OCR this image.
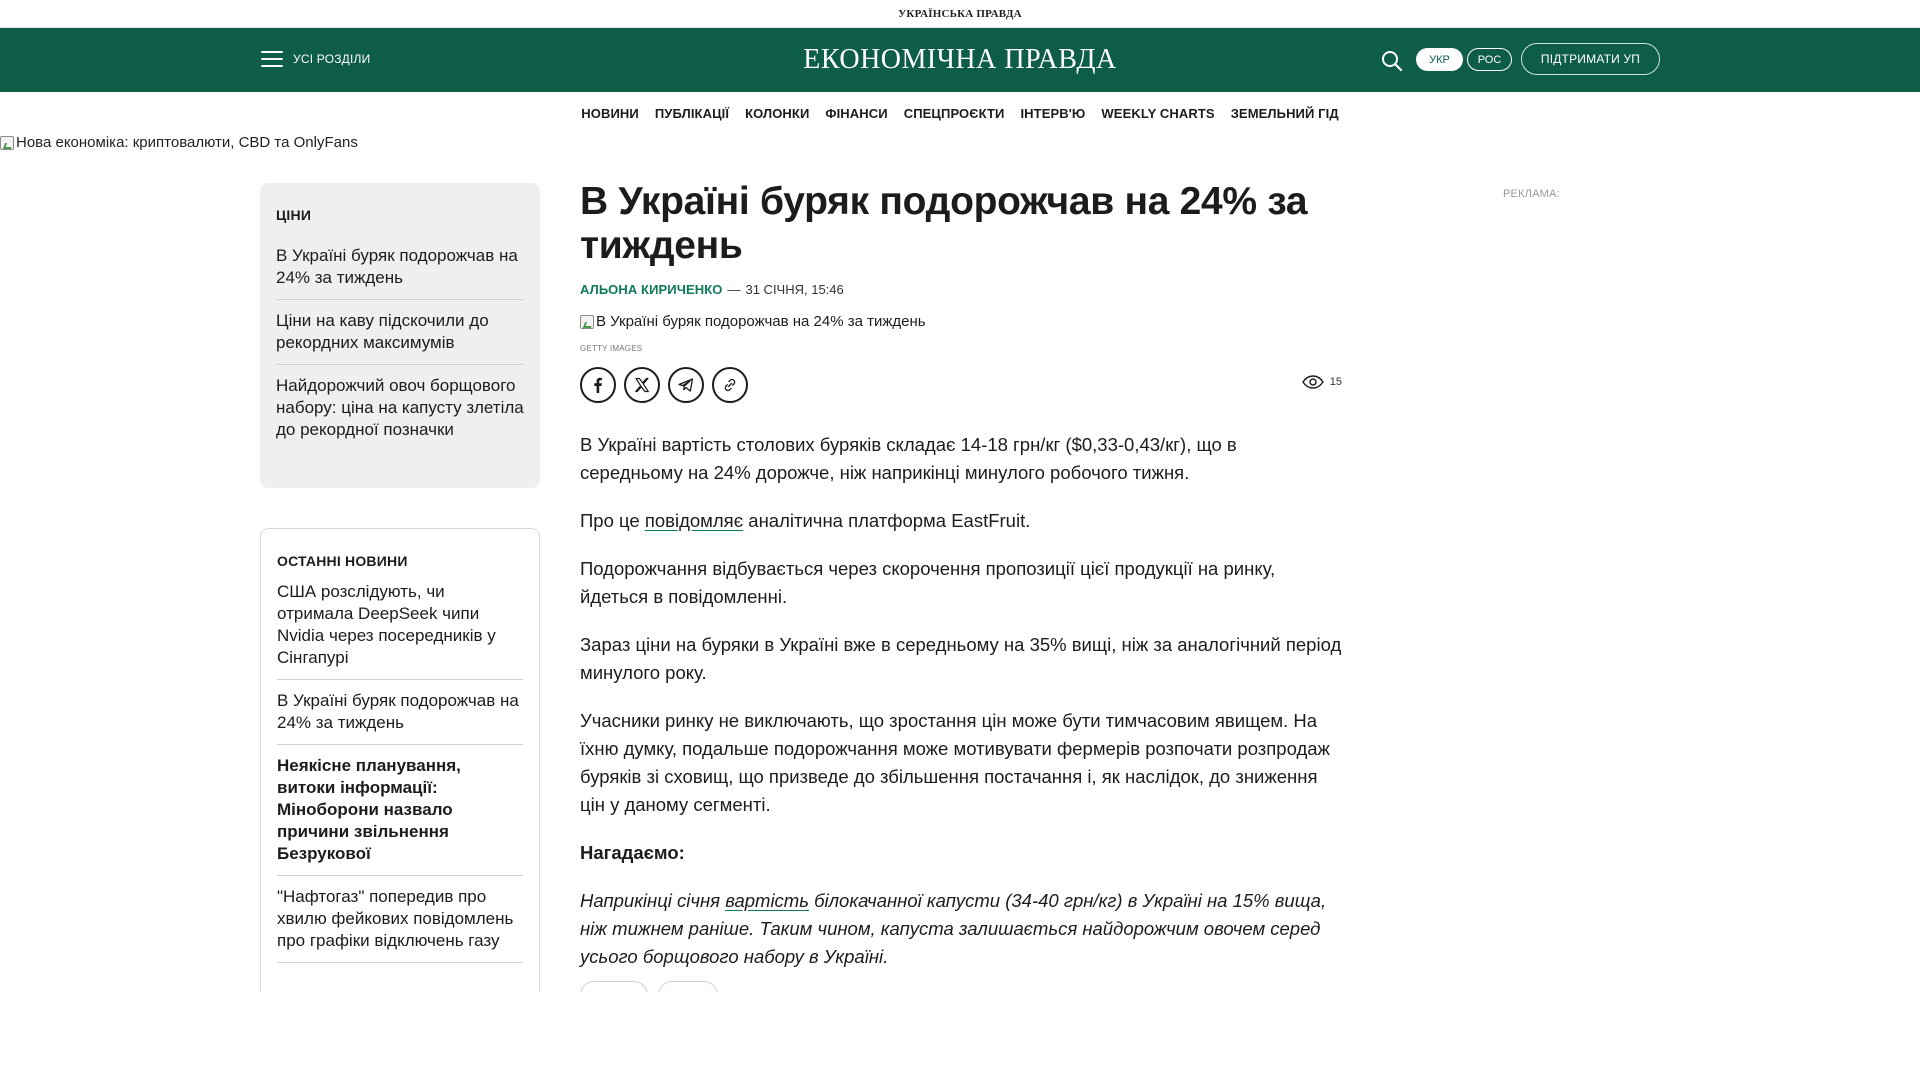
УКРАЇНСЬКА ПРАВДА
УСІ РОЗДІЛИ	ЕКОНОМІЧНА ПРАВДА	УКР	РОС	ПІДТРИМАТИ УП
НОВИНИ	ПУБЛІКАЦІЇ	КОЛОНКИ	ФІНАНСИ	СПЕЦПРОЄКТИ	ІНТЕРВ'Ю	WEEKLY CHARTS	ЗЕМЕЛЬНИЙ ГІД
Нова економіка: криптовалюти, CBD та OnlyFans
ЦІНИ
В Україні буряк подорожчав на 24% за тиждень
Ціни на каву підскочили до рекордних максимумів
Найдорожчий овоч борщового набору: ціна на капусту злетіла до рекордної позначки
ОСТАННІ НОВИНИ
США розслідують, чи отримала DeepSeek чипи Nvidia через посередників у Сінгапурі
В Україні буряк подорожчав на 24% за тиждень
Неякісне планування, витоки інформації: Міноборони назвало причини звільнення Безрукової
"Нафтогаз" попередив про хвилю фейкових повідомлень про графіки відключень газу
В Україні буряк подорожчав на 24% за тиждень
АЛЬОНА КИРИЧЕНКО — 31 СІЧНЯ, 15:46
В Україні буряк подорожчав на 24% за тиждень
GETTY IMAGES
15

В Україні вартість столових буряків складає 14-18 грн/кг ($0,33-0,43/кг), що в середньому на 24% дорожче, ніж наприкінці минулого робочого тижня.

Про це повідомляє аналітична платформа EastFruit.

Подорожчання відбувається через скорочення пропозиції цієї продукції на ринку, йдеться в повідомленні.

Зараз ціни на буряки в Україні вже в середньому на 35% вищі, ніж за аналогічний період минулого року.

Учасники ринку не виключають, що зростання цін може бути тимчасовим явищем. На їхню думку, подальше подорожчання може мотивувати фермерів розпочати розпродаж буряків зі сховищ, що призведе до збільшення постачання і, як наслідок, до зниження цін у даному сегменті.

Нагадаємо:

Наприкінці січня вартість білокачанної капусти (34-40 грн/кг) в Україні на 15% вища, ніж тижнем раніше. Таким чином, капуста залишається найдорожчим овочем серед усього борщового набору в Україні.

РЕКЛАМА:
